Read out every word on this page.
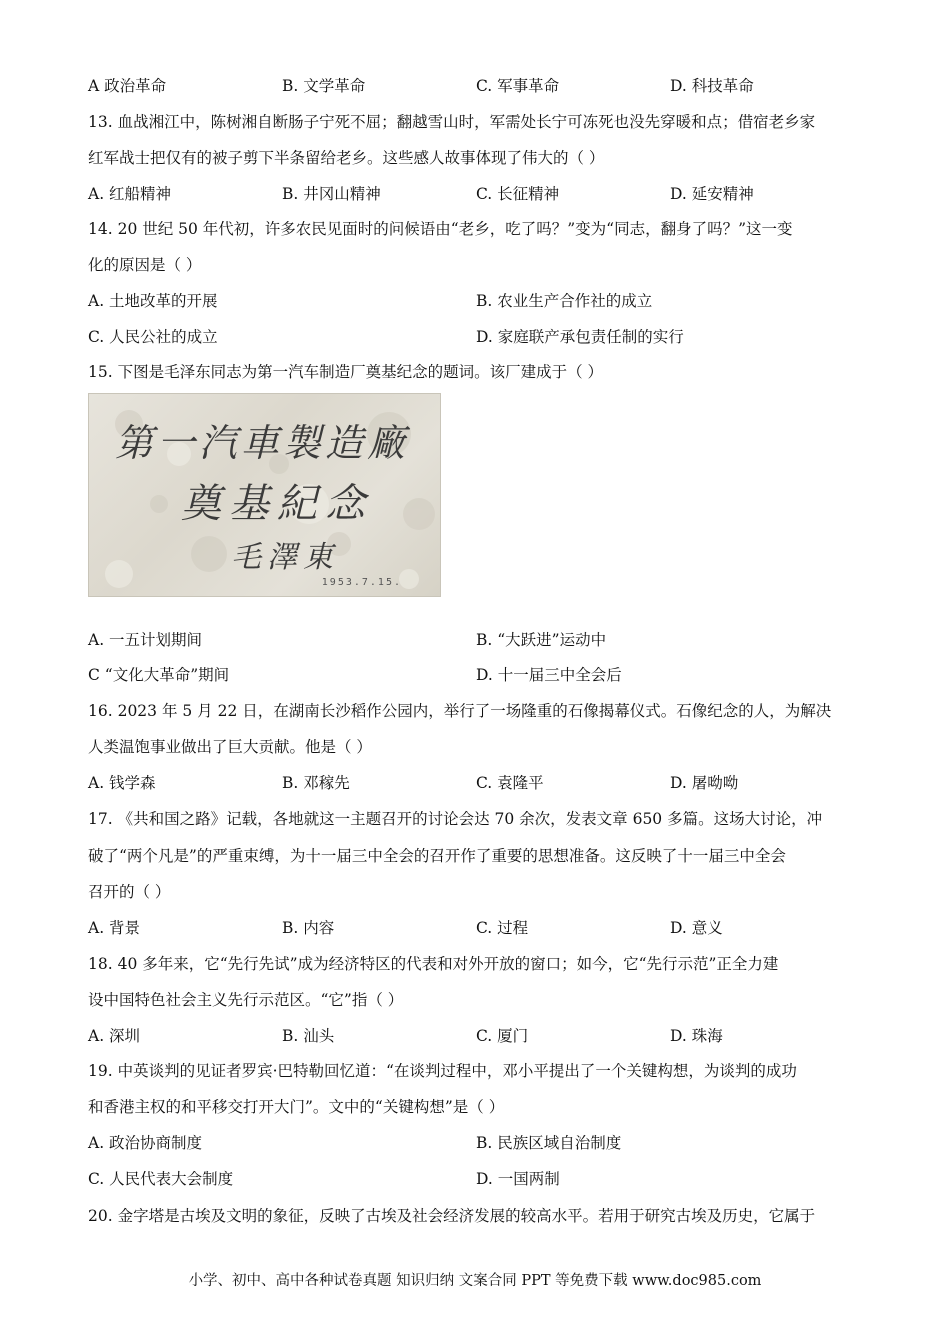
A 政治革命	B. 文学革命	C. 军事革命	D. 科技革命
13. 血战湘江中，陈树湘自断肠子宁死不屈；翻越雪山时，军需处长宁可冻死也没先穿暖和点；借宿老乡家
红军战士把仅有的被子剪下半条留给老乡。这些感人故事体现了伟大的（ ）
A. 红船精神	B. 井冈山精神	C. 长征精神	D. 延安精神
14. 20 世纪 50 年代初，许多农民见面时的问候语由“老乡，吃了吗？”变为“同志，翻身了吗？”这一变
化的原因是（ ）
A. 土地改革的开展	B. 农业生产合作社的成立
C. 人民公社的成立	D. 家庭联产承包责任制的实行
15. 下图是毛泽东同志为第一汽车制造厂奠基纪念的题词。该厂建成于（ ）
第一汽車製造廠
奠基紀念
毛澤東
1953.7.15.
A. 一五计划期间	B. “大跃进”运动中
C “文化大革命”期间	D. 十一届三中全会后
16. 2023 年 5 月 22 日，在湖南长沙稻作公园内，举行了一场隆重的石像揭幕仪式。石像纪念的人，为解决
人类温饱事业做出了巨大贡献。他是（ ）
A. 钱学森	B. 邓稼先	C. 袁隆平	D. 屠呦呦
17. 《共和国之路》记载，各地就这一主题召开的讨论会达 70 余次，发表文章 650 多篇。这场大讨论，冲
破了“两个凡是”的严重束缚，为十一届三中全会的召开作了重要的思想准备。这反映了十一届三中全会
召开的（ ）
A. 背景	B. 内容	C. 过程	D. 意义
18. 40 多年来，它“先行先试”成为经济特区的代表和对外开放的窗口；如今，它“先行示范”正全力建
设中国特色社会主义先行示范区。“它”指（ ）
A. 深圳	B. 汕头	C. 厦门	D. 珠海
19. 中英谈判的见证者罗宾·巴特勒回忆道：“在谈判过程中，邓小平提出了一个关键构想，为谈判的成功
和香港主权的和平移交打开大门”。文中的“关键构想”是（ ）
A. 政治协商制度	B. 民族区域自治制度
C. 人民代表大会制度	D. 一国两制
20. 金字塔是古埃及文明的象征，反映了古埃及社会经济发展的较高水平。若用于研究古埃及历史，它属于
小学、初中、高中各种试卷真题 知识归纳 文案合同 PPT 等免费下载 www.doc985.com
